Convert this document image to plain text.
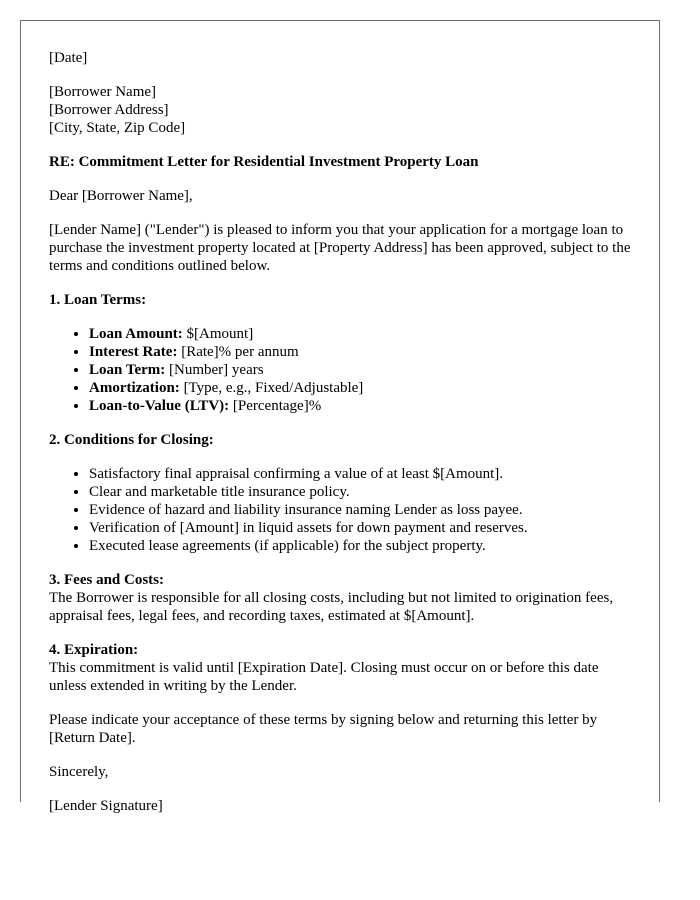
[Date]

[Borrower Name]
[Borrower Address]
[City, State, Zip Code]

RE: Commitment Letter for Residential Investment Property Loan

Dear [Borrower Name],

[Lender Name] ("Lender") is pleased to inform you that your application for a mortgage loan to purchase the investment property located at [Property Address] has been approved, subject to the terms and conditions outlined below.

1. Loan Terms:

• Loan Amount: $[Amount]
• Interest Rate: [Rate]% per annum
• Loan Term: [Number] years
• Amortization: [Type, e.g., Fixed/Adjustable]
• Loan-to-Value (LTV): [Percentage]%

2. Conditions for Closing:

• Satisfactory final appraisal confirming a value of at least $[Amount].
• Clear and marketable title insurance policy.
• Evidence of hazard and liability insurance naming Lender as loss payee.
• Verification of [Amount] in liquid assets for down payment and reserves.
• Executed lease agreements (if applicable) for the subject property.

3. Fees and Costs:
The Borrower is responsible for all closing costs, including but not limited to origination fees, appraisal fees, legal fees, and recording taxes, estimated at $[Amount].

4. Expiration:
This commitment is valid until [Expiration Date]. Closing must occur on or before this date unless extended in writing by the Lender.

Please indicate your acceptance of these terms by signing below and returning this letter by [Return Date].

Sincerely,

[Lender Signature]
